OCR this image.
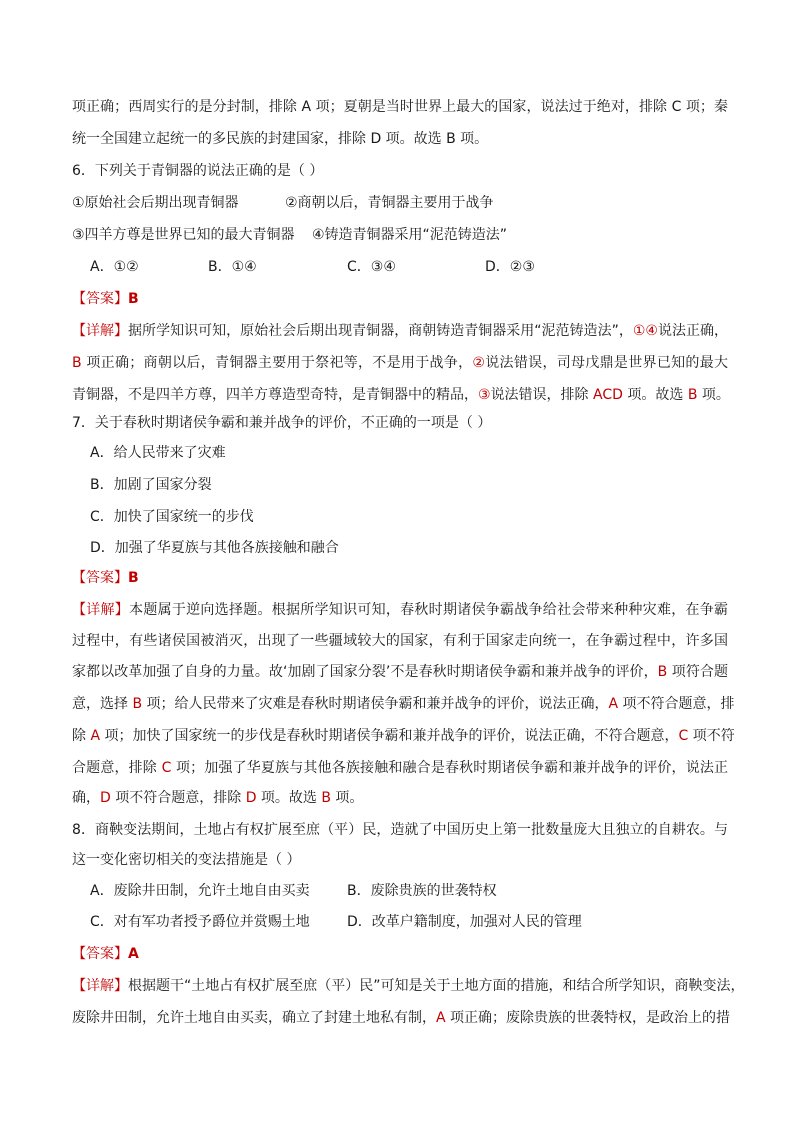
项正确；西周实行的是分封制，排除 A 项；夏朝是当时世界上最大的国家，说法过于绝对，排除 C 项；秦
统一全国建立起统一的多民族的封建国家，排除 D 项。故选 B 项。
6．下列关于青铜器的说法正确的是（ ）
①原始社会后期出现青铜器	②商朝以后，青铜器主要用于战争
③四羊方尊是世界已知的最大青铜器 ④铸造青铜器采用“泥范铸造法”
A．①②	B．①④	C．③④	D．②③
【答案】B
【详解】据所学知识可知，原始社会后期出现青铜器，商朝铸造青铜器采用“泥范铸造法”，①④说法正确，
B 项正确；商朝以后，青铜器主要用于祭祀等，不是用于战争，②说法错误，司母戊鼎是世界已知的最大
青铜器，不是四羊方尊，四羊方尊造型奇特，是青铜器中的精品，③说法错误，排除 ACD 项。故选 B 项。
7．关于春秋时期诸侯争霸和兼并战争的评价，不正确的一项是（ ）
A．给人民带来了灾难
B．加剧了国家分裂
C．加快了国家统一的步伐
D．加强了华夏族与其他各族接触和融合
【答案】B
【详解】本题属于逆向选择题。根据所学知识可知，春秋时期诸侯争霸战争给社会带来种种灾难，在争霸
过程中，有些诸侯国被消灭，出现了一些疆域较大的国家，有利于国家走向统一，在争霸过程中，许多国
家都以改革加强了自身的力量。故‘加剧了国家分裂’不是春秋时期诸侯争霸和兼并战争的评价，B 项符合题
意，选择 B 项；给人民带来了灾难是春秋时期诸侯争霸和兼并战争的评价，说法正确，A 项不符合题意，排
除 A 项；加快了国家统一的步伐是春秋时期诸侯争霸和兼并战争的评价，说法正确，不符合题意，C 项不符
合题意，排除 C 项；加强了华夏族与其他各族接触和融合是春秋时期诸侯争霸和兼并战争的评价，说法正
确，D 项不符合题意，排除 D 项。故选 B 项。
8．商鞅变法期间，土地占有权扩展至庶（平）民，造就了中国历史上第一批数量庞大且独立的自耕农。与
这一变化密切相关的变法措施是（ ）
A．废除井田制，允许土地自由买卖	B．废除贵族的世袭特权
C．对有军功者授予爵位并赏赐土地	D．改革户籍制度，加强对人民的管理
【答案】A
【详解】根据题干“土地占有权扩展至庶（平）民”可知是关于土地方面的措施，和结合所学知识，商鞅变法，
废除井田制，允许土地自由买卖，确立了封建土地私有制，A 项正确；废除贵族的世袭特权，是政治上的措
